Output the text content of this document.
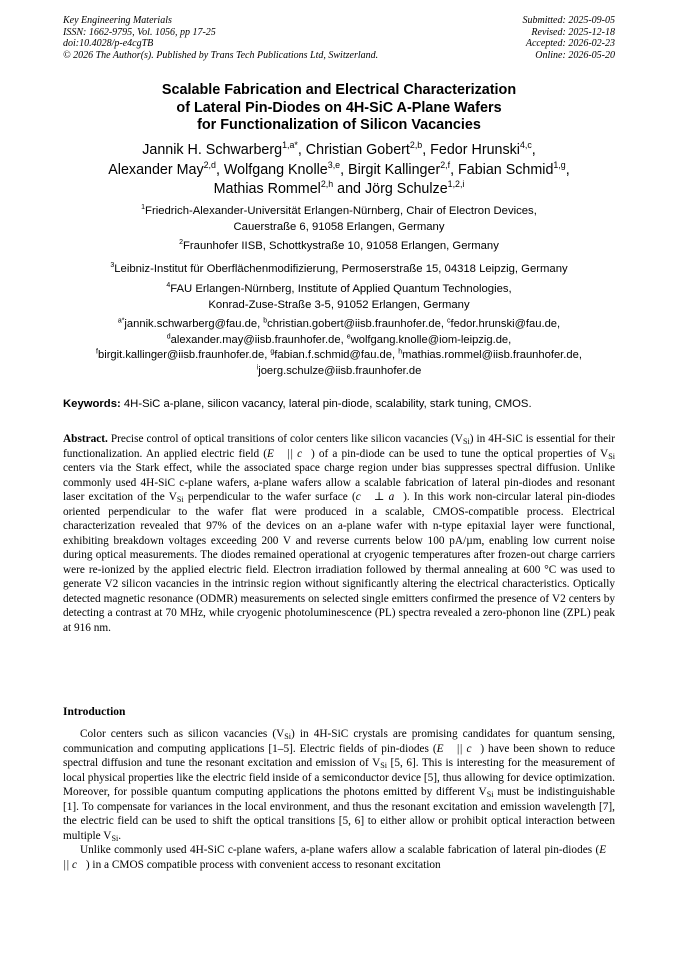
Key Engineering Materials
ISSN: 1662-9795, Vol. 1056, pp 17-25
doi:10.4028/p-e4cgTB
© 2026 The Author(s). Published by Trans Tech Publications Ltd, Switzerland.
Submitted: 2025-09-05
Revised: 2025-12-18
Accepted: 2026-02-23
Online: 2026-05-20
Scalable Fabrication and Electrical Characterization
of Lateral Pin-Diodes on 4H-SiC A-Plane Wafers
for Functionalization of Silicon Vacancies
Jannik H. Schwarberg$^{1,a*}$, Christian Gobert$^{2,b}$, Fedor Hrunski$^{4,c}$,
Alexander May$^{2,d}$, Wolfgang Knolle$^{3,e}$, Birgit Kallinger$^{2,f}$, Fabian Schmid$^{1,g}$,
Mathias Rommel$^{2,h}$ and Jörg Schulze$^{1,2,i}$
$^1$Friedrich-Alexander-Universität Erlangen-Nürnberg, Chair of Electron Devices,
Cauerstraße 6, 91058 Erlangen, Germany
$^2$Fraunhofer IISB, Schottkystraße 10, 91058 Erlangen, Germany
$^3$Leibniz-Institut für Oberflächenmodifizierung, Permoserstraße 15, 04318 Leipzig, Germany
$^4$FAU Erlangen-Nürnberg, Institute of Applied Quantum Technologies,
Konrad-Zuse-Straße 3-5, 91052 Erlangen, Germany
$^{a*}$jannik.schwarberg@fau.de, $^b$christian.gobert@iisb.fraunhofer.de, $^c$fedor.hrunski@fau.de,
$^d$alexander.may@iisb.fraunhofer.de, $^e$wolfgang.knolle@iom-leipzig.de,
$^f$birgit.kallinger@iisb.fraunhofer.de, $^g$fabian.f.schmid@fau.de, $^h$mathias.rommel@iisb.fraunhofer.de,
$^i$joerg.schulze@iisb.fraunhofer.de
Keywords: 4H-SiC a-plane, silicon vacancy, lateral pin-diode, scalability, stark tuning, CMOS.
Abstract. Precise control of optical transitions of color centers like silicon vacancies $(V_{Si})$ in 4H-SiC is essential for their functionalization. An applied electric field (E⃗ || c⃗) of a pin-diode can be used to tune the optical properties of $V_{Si}$ centers via the Stark effect, while the associated space charge region under bias suppresses spectral diffusion. Unlike commonly used 4H-SiC c-plane wafers, a-plane wafers allow a scalable fabrication of lateral pin-diodes and resonant laser excitation of the $V_{Si}$ perpendicular to the wafer surface (c⃗ ⊥ a⃗). In this work non-circular lateral pin-diodes oriented perpendicular to the wafer flat were produced in a scalable, CMOS-compatible process. Electrical characterization revealed that 97% of the devices on an a-plane wafer with n-type epitaxial layer were functional, exhibiting breakdown voltages exceeding 200 V and reverse currents below 100 pA/µm, enabling low current noise during optical measurements. The diodes remained operational at cryogenic temperatures after frozen-out charge carriers were re-ionized by the applied electric field. Electron irradiation followed by thermal annealing at 600 °C was used to generate V2 silicon vacancies in the intrinsic region without significantly altering the electrical characteristics. Optically detected magnetic resonance (ODMR) measurements on selected single emitters confirmed the presence of V2 centers by detecting a contrast at 70 MHz, while cryogenic photoluminescence (PL) spectra revealed a zero-phonon line (ZPL) peak at 916 nm.
Introduction

Color centers such as silicon vacancies $(V_{Si})$ in 4H-SiC crystals are promising candidates for quantum sensing, communication and computing applications [1–5]. Electric fields of pin-diodes (E⃗ || c⃗) have been shown to reduce spectral diffusion and tune the resonant excitation and emission of $V_{Si}$ [5, 6]. This is interesting for the measurement of local physical properties like the electric field inside of a semiconductor device [5], thus allowing for device optimization. Moreover, for possible quantum computing applications the photons emitted by different $V_{Si}$ must be indistinguishable [1]. To compensate for variances in the local environment, and thus the resonant excitation and emission wavelength [7], the electric field can be used to shift the optical transitions [5, 6] to either allow or prohibit optical interaction between multiple $V_{Si}$.

Unlike commonly used 4H-SiC c-plane wafers, a-plane wafers allow a scalable fabrication of lateral pin-diodes (E⃗ || c⃗) in a CMOS compatible process with convenient access to resonant excitation
